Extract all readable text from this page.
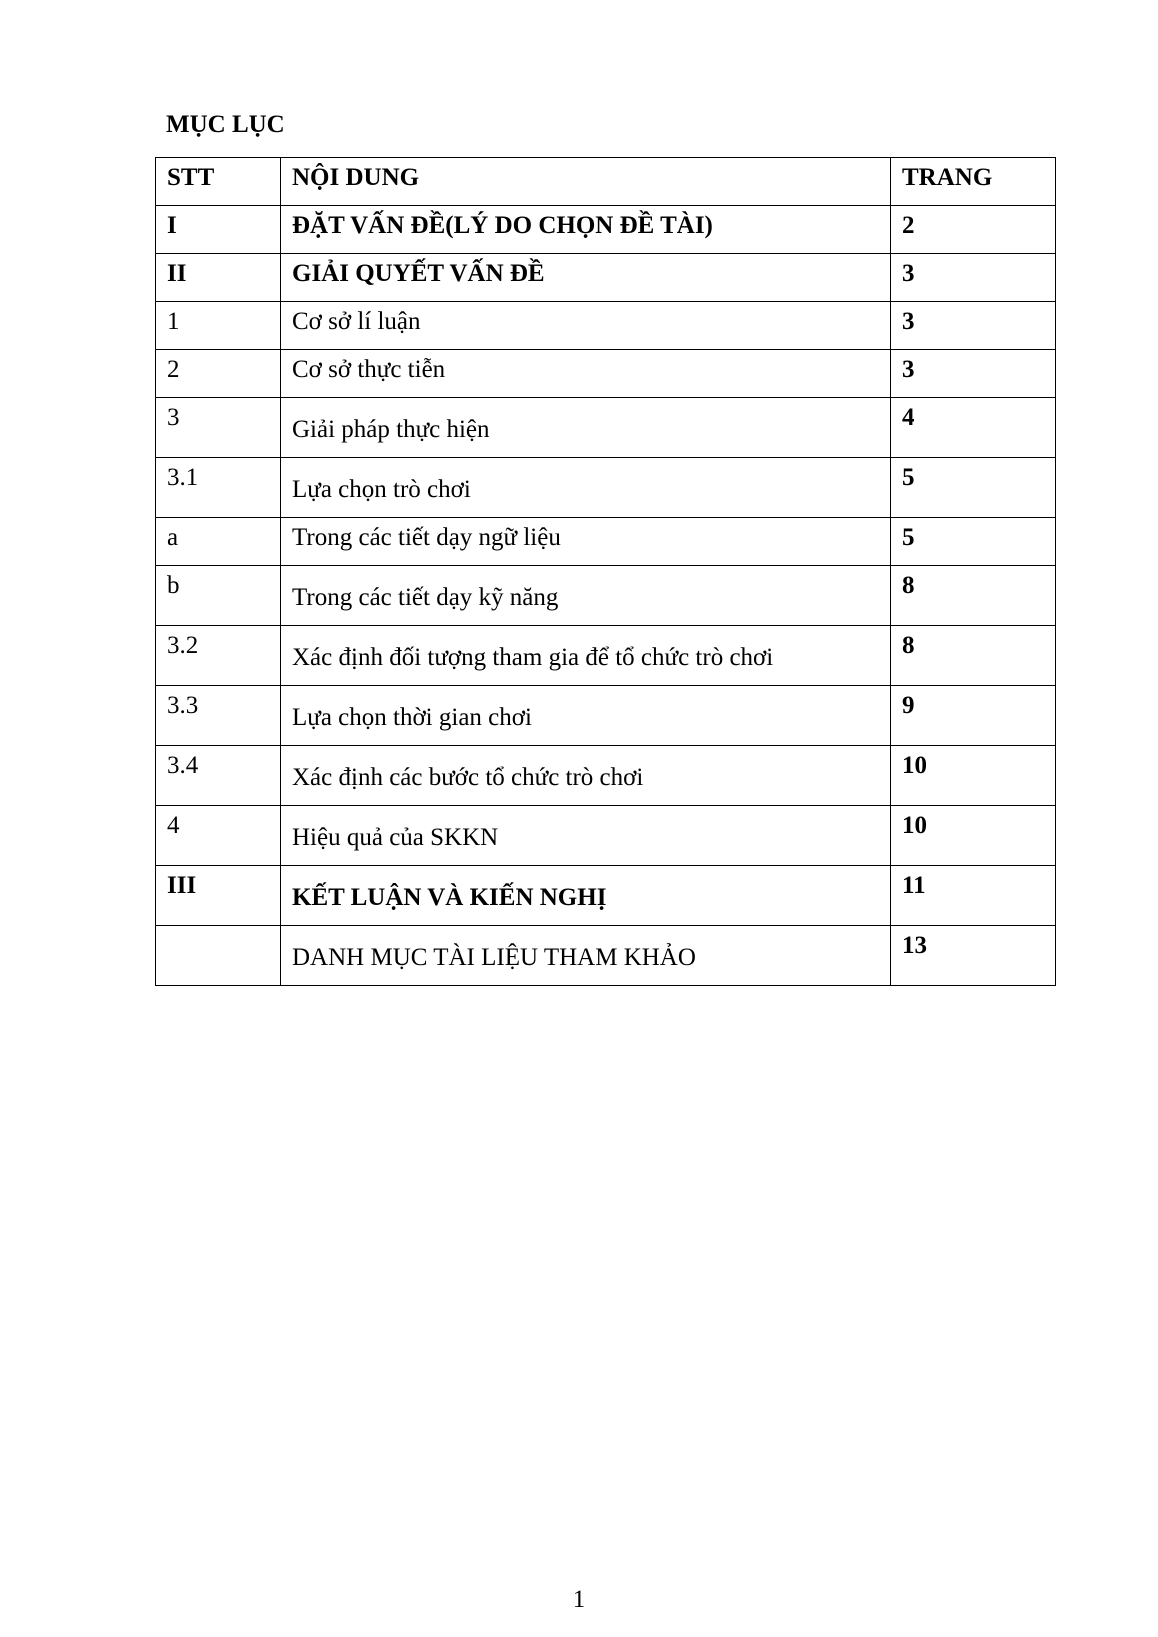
MỤC LỤC
STT	NỘI DUNG	TRANG

I	ĐẶT VẤN ĐỀ(LÝ DO CHỌN ĐỀ TÀI)	2

II	GIẢI QUYẾT VẤN ĐỀ	3

1	Cơ sở lí luận	3

2	Cơ sở thực tiễn	3

3	Giải pháp thực hiện	4

3.1	Lựa chọn trò chơi	5

a	Trong các tiết dạy ngữ liệu	5

b	Trong các tiết dạy kỹ năng	8

3.2	Xác định đối tượng tham gia để tổ chức trò chơi	8

3.3	Lựa chọn thời gian chơi	9

3.4	Xác định các bước tổ chức trò chơi	10

4	Hiệu quả của SKKN	10

III	KẾT LUẬN VÀ KIẾN NGHỊ	11

	DANH MỤC TÀI LIỆU THAM KHẢO	13
1
